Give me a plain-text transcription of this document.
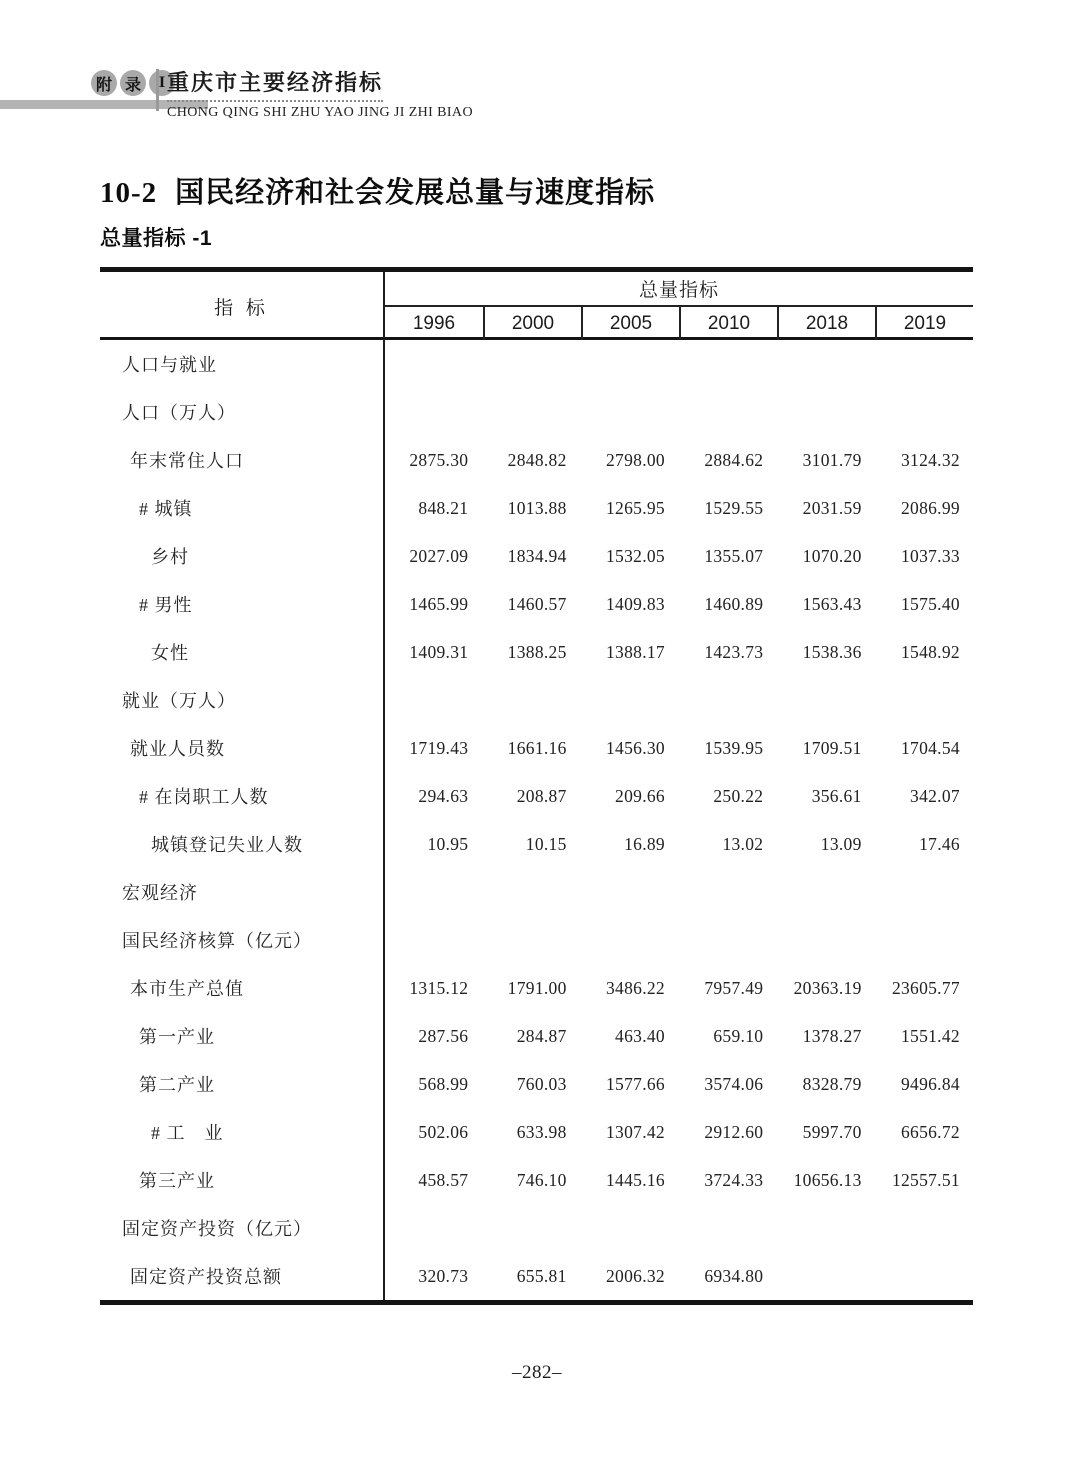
附 录	I 重庆市主要经济指标
CHONG QING SHI ZHU YAO JING JI ZHI BIAO
10-2 国民经济和社会发展总量与速度指标
总量指标 -1
指 标
总量指标
1996	2000	2005	2010	2018	2019
人口与就业
人口（万人）
年末常住人口	2875.30	2848.82	2798.00	2884.62	3101.79	3124.32
# 城镇	848.21	1013.88	1265.95	1529.55	2031.59	2086.99
乡村	2027.09	1834.94	1532.05	1355.07	1070.20	1037.33
# 男性	1465.99	1460.57	1409.83	1460.89	1563.43	1575.40
女性	1409.31	1388.25	1388.17	1423.73	1538.36	1548.92
就业（万人）
就业人员数	1719.43	1661.16	1456.30	1539.95	1709.51	1704.54
# 在岗职工人数	294.63	208.87	209.66	250.22	356.61	342.07
城镇登记失业人数	10.95	10.15	16.89	13.02	13.09	17.46
宏观经济
国民经济核算（亿元）
本市生产总值	1315.12	1791.00	3486.22	7957.49	20363.19	23605.77
第一产业	287.56	284.87	463.40	659.10	1378.27	1551.42
第二产业	568.99	760.03	1577.66	3574.06	8328.79	9496.84
# 工　业	502.06	633.98	1307.42	2912.60	5997.70	6656.72
第三产业	458.57	746.10	1445.16	3724.33	10656.13	12557.51
固定资产投资（亿元）
固定资产投资总额	320.73	655.81	2006.32	6934.80
–282–
